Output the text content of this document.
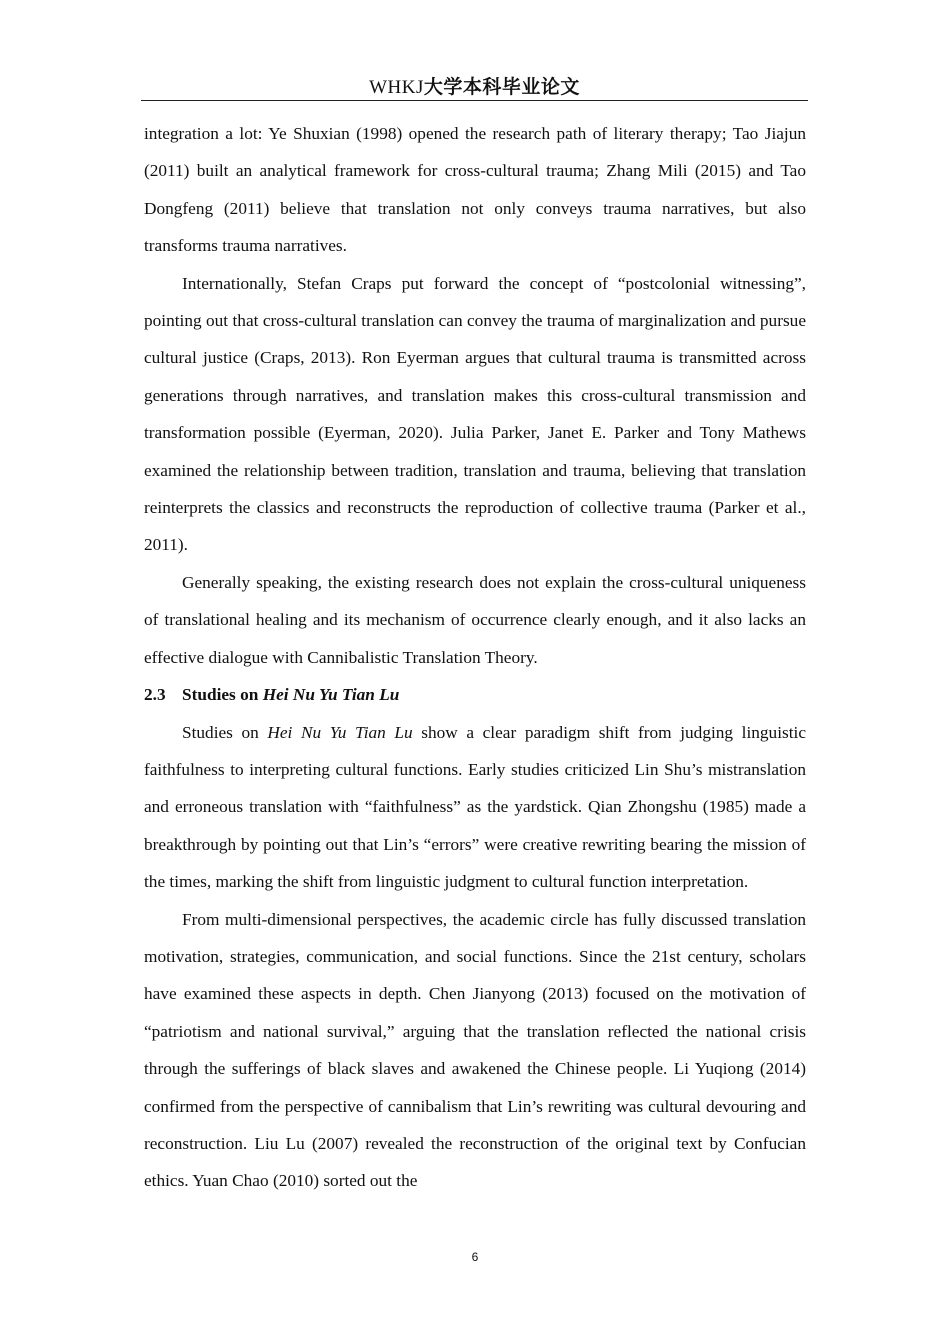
WHKJ大学本科毕业论文

integration a lot: Ye Shuxian (1998) opened the research path of literary therapy; Tao Jiajun (2011) built an analytical framework for cross-cultural trauma; Zhang Mili (2015) and Tao Dongfeng (2011) believe that translation not only conveys trauma narratives, but also transforms trauma narratives.

Internationally, Stefan Craps put forward the concept of “postcolonial witnessing”, pointing out that cross-cultural translation can convey the trauma of marginalization and pursue cultural justice (Craps, 2013). Ron Eyerman argues that cultural trauma is transmitted across generations through narratives, and translation makes this cross-cultural transmission and transformation possible (Eyerman, 2020). Julia Parker, Janet E. Parker and Tony Mathews examined the relationship between tradition, translation and trauma, believing that translation reinterprets the classics and reconstructs the reproduction of collective trauma (Parker et al., 2011).

Generally speaking, the existing research does not explain the cross-cultural uniqueness of translational healing and its mechanism of occurrence clearly enough, and it also lacks an effective dialogue with Cannibalistic Translation Theory.

2.3 Studies on Hei Nu Yu Tian Lu

Studies on Hei Nu Yu Tian Lu show a clear paradigm shift from judging linguistic faithfulness to interpreting cultural functions. Early studies criticized Lin Shu’s mistranslation and erroneous translation with “faithfulness” as the yardstick. Qian Zhongshu (1985) made a breakthrough by pointing out that Lin’s “errors” were creative rewriting bearing the mission of the times, marking the shift from linguistic judgment to cultural function interpretation.

From multi-dimensional perspectives, the academic circle has fully discussed translation motivation, strategies, communication, and social functions. Since the 21st century, scholars have examined these aspects in depth. Chen Jianyong (2013) focused on the motivation of “patriotism and national survival,” arguing that the translation reflected the national crisis through the sufferings of black slaves and awakened the Chinese people. Li Yuqiong (2014) confirmed from the perspective of cannibalism that Lin’s rewriting was cultural devouring and reconstruction. Liu Lu (2007) revealed the reconstruction of the original text by Confucian ethics. Yuan Chao (2010) sorted out the

6
